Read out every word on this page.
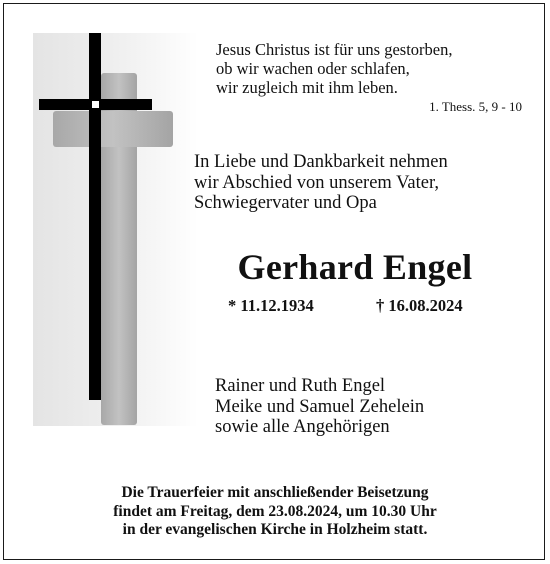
Jesus Christus ist für uns gestorben,
ob wir wachen oder schlafen,
wir zugleich mit ihm leben.
1. Thess. 5, 9 - 10
In Liebe und Dankbarkeit nehmen
wir Abschied von unserem Vater,
Schwiegervater und Opa
Gerhard Engel
* 11.12.1934	† 16.08.2024
Rainer und Ruth Engel
Meike und Samuel Zehelein
sowie alle Angehörigen
Die Trauerfeier mit anschließender Beisetzung
findet am Freitag, dem 23.08.2024, um 10.30 Uhr
in der evangelischen Kirche in Holzheim statt.
